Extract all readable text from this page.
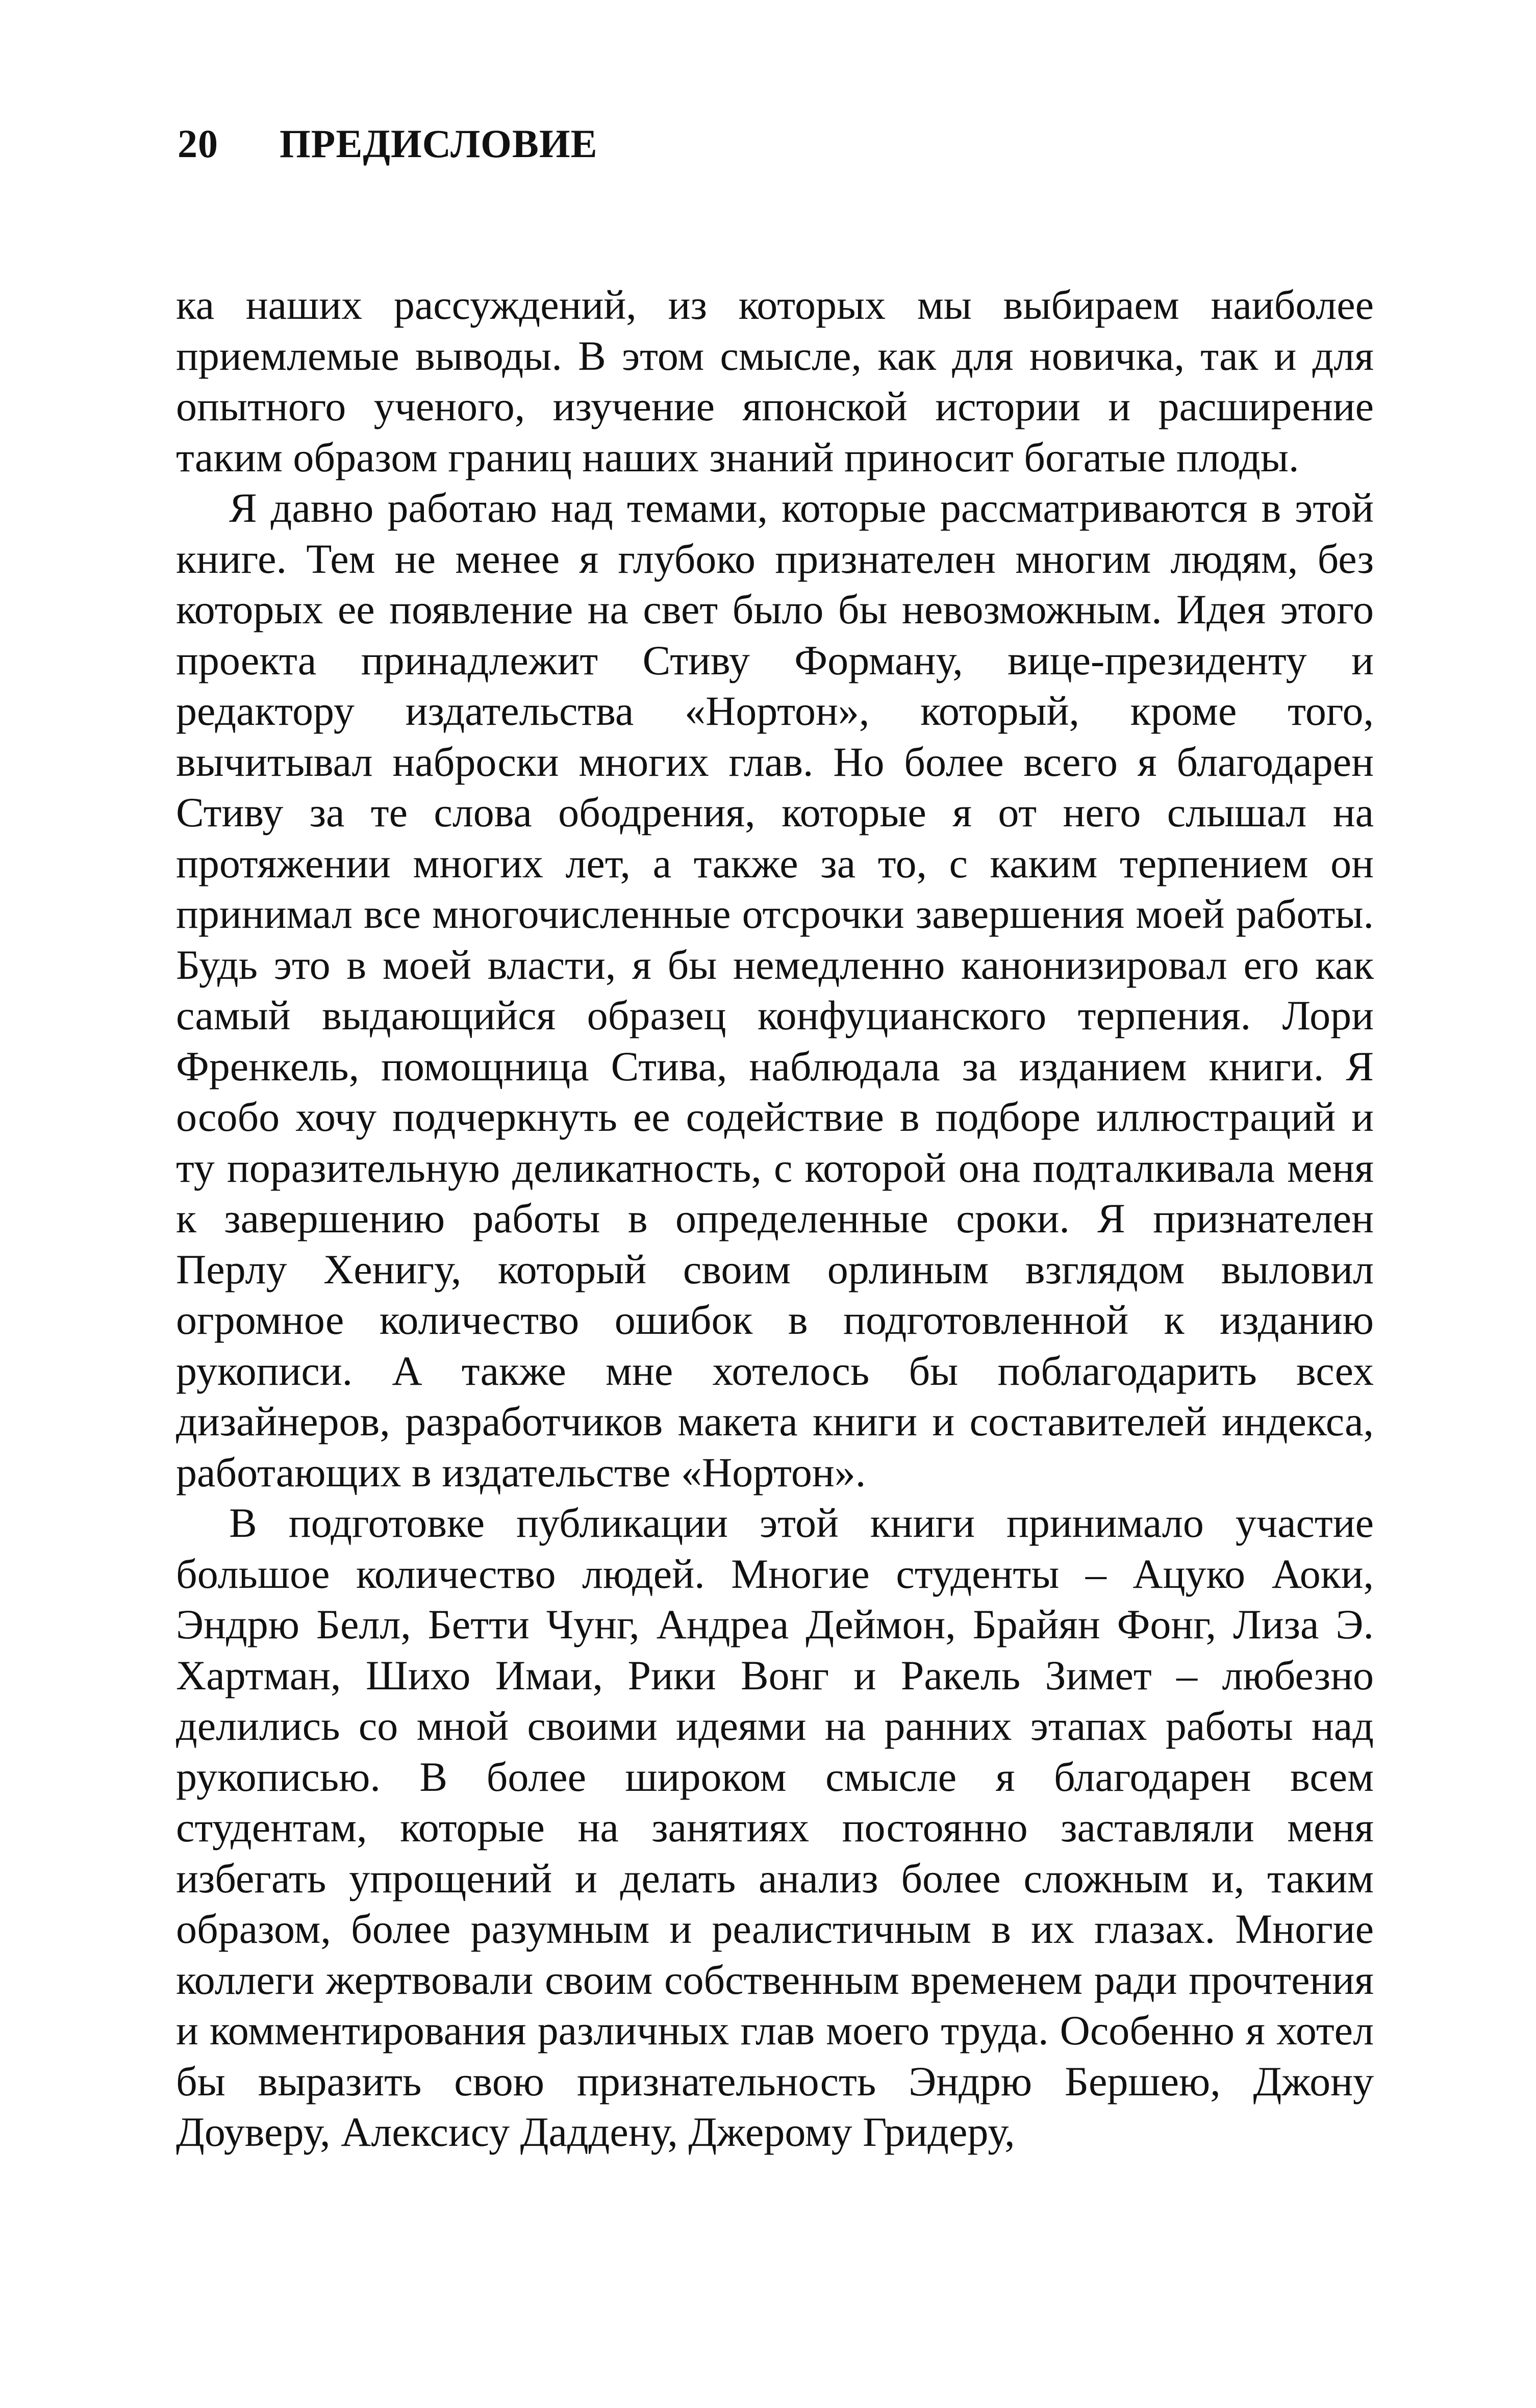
20 ПРЕДИСЛОВИЕ

ка наших рассуждений, из которых мы выбираем наиболее приемлемые выводы. В этом смысле, как для новичка, так и для опытного ученого, изучение японской истории и расширение таким образом границ наших знаний приносит богатые плоды.

Я давно работаю над темами, которые рассматриваются в этой книге. Тем не менее я глубоко признателен многим людям, без которых ее появление на свет было бы невозможным. Идея этого проекта принадлежит Стиву Форману, вице-президенту и редактору издательства «Нортон», который, кроме того, вычитывал наброски многих глав. Но более всего я благодарен Стиву за те слова ободрения, которые я от него слышал на протяжении многих лет, а также за то, с каким терпением он принимал все многочисленные отсрочки завершения моей работы. Будь это в моей власти, я бы немедленно канонизировал его как самый выдающийся образец конфуцианского терпения. Лори Френкель, помощница Стива, наблюдала за изданием книги. Я особо хочу подчеркнуть ее содействие в подборе иллюстраций и ту поразительную деликатность, с которой она подталкивала меня к завершению работы в определенные сроки. Я признателен Перлу Хенигу, который своим орлиным взглядом выловил огромное количество ошибок в подготовленной к изданию рукописи. А также мне хотелось бы поблагодарить всех дизайнеров, разработчиков макета книги и составителей индекса, работающих в издательстве «Нортон».

В подготовке публикации этой книги принимало участие большое количество людей. Многие студенты – Ацуко Аоки, Эндрю Белл, Бетти Чунг, Андреа Деймон, Брайян Фонг, Лиза Э. Хартман, Шихо Имаи, Рики Вонг и Ракель Зимет – любезно делились со мной своими идеями на ранних этапах работы над рукописью. В более широком смысле я благодарен всем студентам, которые на занятиях постоянно заставляли меня избегать упрощений и делать анализ более сложным и, таким образом, более разумным и реалистичным в их глазах. Многие коллеги жертвовали своим собственным временем ради прочтения и комментирования различных глав моего труда. Особенно я хотел бы выразить свою признательность Эндрю Бершею, Джону Доуверу, Алексису Даддену, Джерому Гридеру,
